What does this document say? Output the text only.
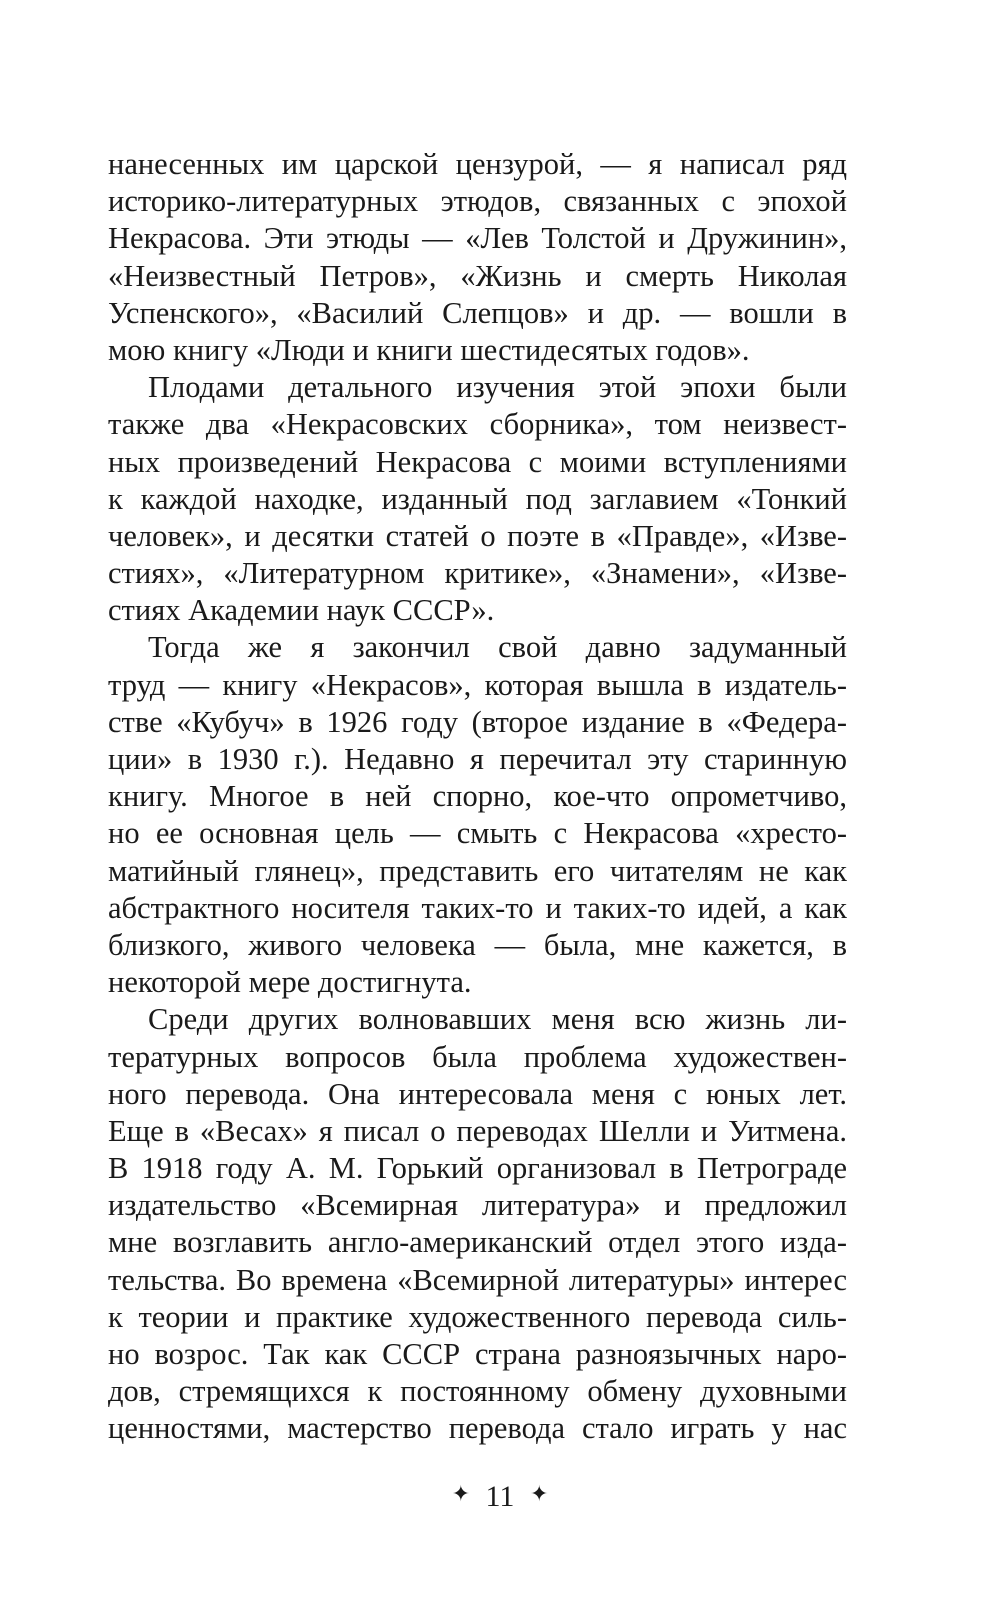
нанесенных им царской цензурой, — я написал ряд
историко-литературных этюдов, связанных с эпохой
Некрасова. Эти этюды — «Лев Толстой и Дружинин»,
«Неизвестный Петров», «Жизнь и смерть Николая
Успенского», «Василий Слепцов» и др. — вошли в
мою книгу «Люди и книги шестидесятых годов».
Плодами детального изучения этой эпохи были
также два «Некрасовских сборника», том неизвест-
ных произведений Некрасова с моими вступлениями
к каждой находке, изданный под заглавием «Тонкий
человек», и десятки статей о поэте в «Правде», «Изве-
стиях», «Литературном критике», «Знамени», «Изве-
стиях Академии наук СССР».
Тогда же я закончил свой давно задуманный
труд — книгу «Некрасов», которая вышла в издатель-
стве «Кубуч» в 1926 году (второе издание в «Федера-
ции» в 1930 г.). Недавно я перечитал эту старинную
книгу. Многое в ней спорно, кое-что опрометчиво,
но ее основная цель — смыть с Некрасова «хресто-
матийный глянец», представить его читателям не как
абстрактного носителя таких-то и таких-то идей, а как
близкого, живого человека — была, мне кажется, в
некоторой мере достигнута.
Среди других волновавших меня всю жизнь ли-
тературных вопросов была проблема художествен-
ного перевода. Она интересовала меня с юных лет.
Еще в «Весах» я писал о переводах Шелли и Уитмена.
В 1918 году А. М. Горький организовал в Петрограде
издательство «Всемирная литература» и предложил
мне возглавить англо-американский отдел этого изда-
тельства. Во времена «Всемирной литературы» интерес
к теории и практике художественного перевода силь-
но возрос. Так как СССР страна разноязычных наро-
дов, стремящихся к постоянному обмену духовными
ценностями, мастерство перевода стало играть у нас
✦ 11 ✦
